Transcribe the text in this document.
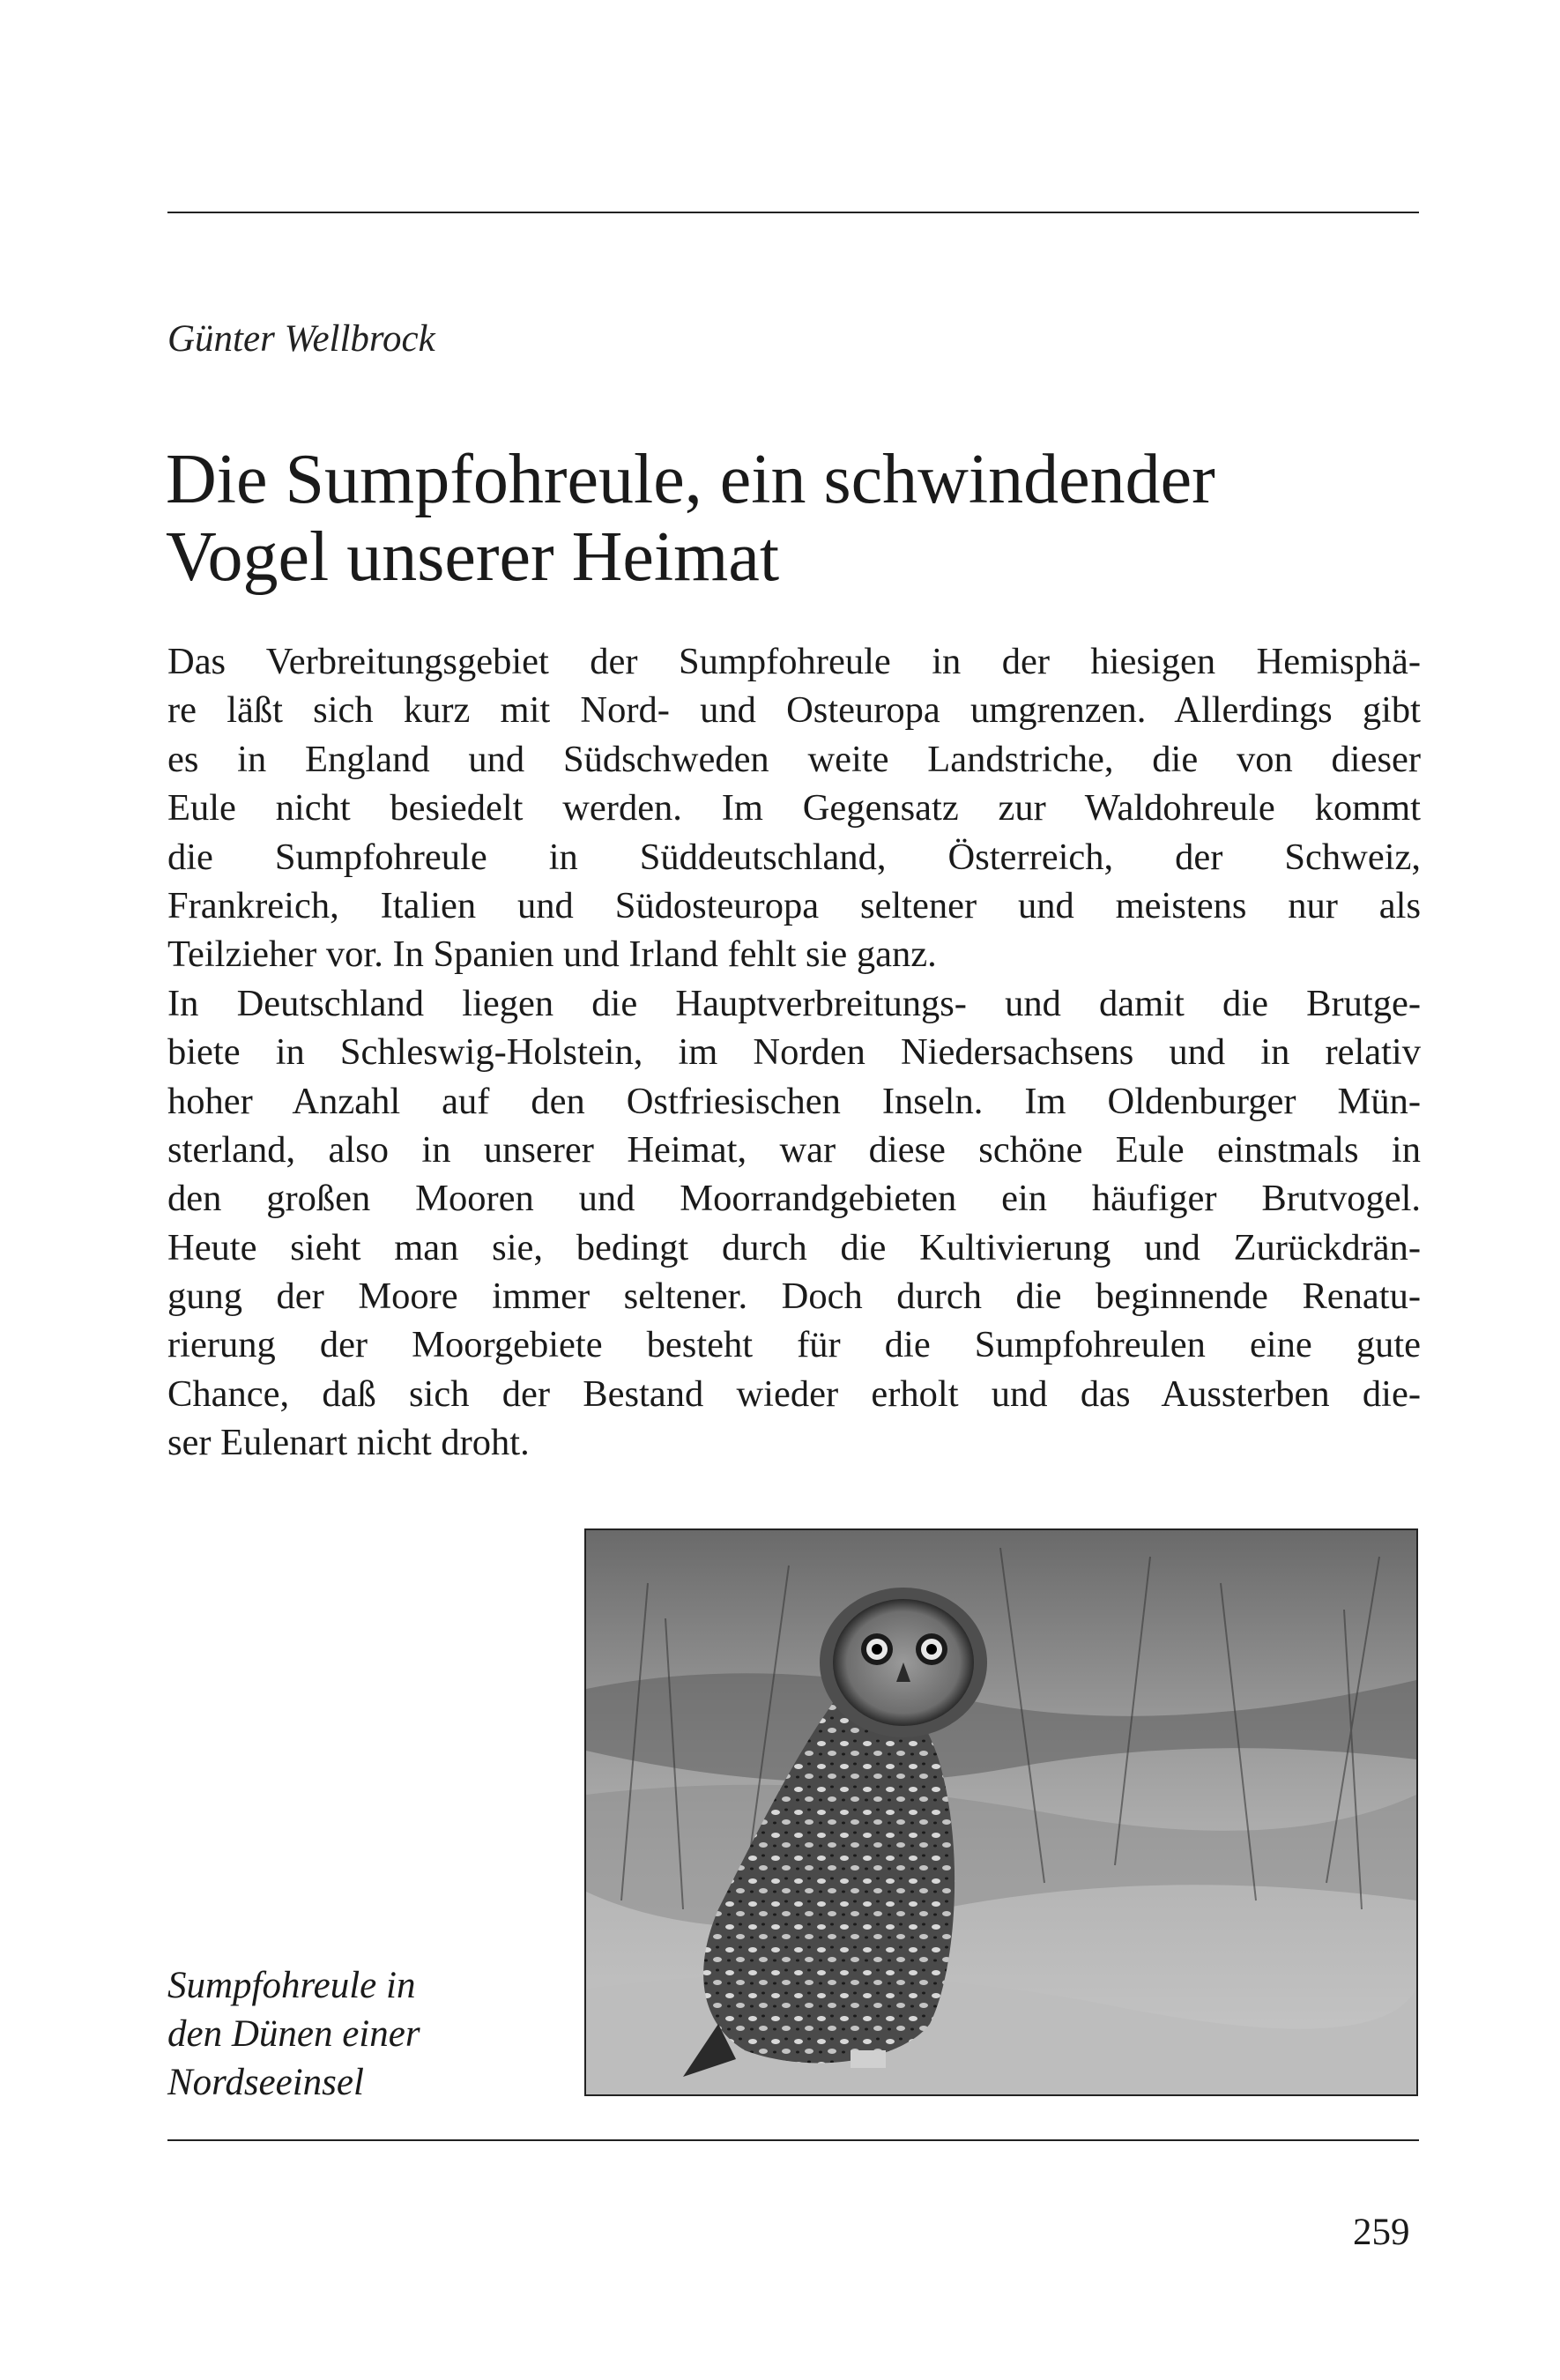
Günter Wellbrock
Die Sumpfohreule, ein schwindender
Vogel unserer Heimat
Das Verbreitungsgebiet der Sumpfohreule in der hiesigen Hemisphä-
re läßt sich kurz mit Nord- und Osteuropa umgrenzen. Allerdings gibt
es in England und Südschweden weite Landstriche, die von dieser
Eule nicht besiedelt werden. Im Gegensatz zur Waldohreule kommt
die Sumpfohreule in Süddeutschland, Österreich, der Schweiz,
Frankreich, Italien und Südosteuropa seltener und meistens nur als
Teilzieher vor. In Spanien und Irland fehlt sie ganz.
In Deutschland liegen die Hauptverbreitungs- und damit die Brutge-
biete in Schleswig-Holstein, im Norden Niedersachsens und in relativ
hoher Anzahl auf den Ostfriesischen Inseln. Im Oldenburger Mün-
sterland, also in unserer Heimat, war diese schöne Eule einstmals in
den großen Mooren und Moorrandgebieten ein häufiger Brutvogel.
Heute sieht man sie, bedingt durch die Kultivierung und Zurückdrän-
gung der Moore immer seltener. Doch durch die beginnende Renatu-
rierung der Moorgebiete besteht für die Sumpfohreulen eine gute
Chance, daß sich der Bestand wieder erholt und das Aussterben die-
ser Eulenart nicht droht.
Sumpfohreule in
den Dünen einer
Nordseeinsel
259
